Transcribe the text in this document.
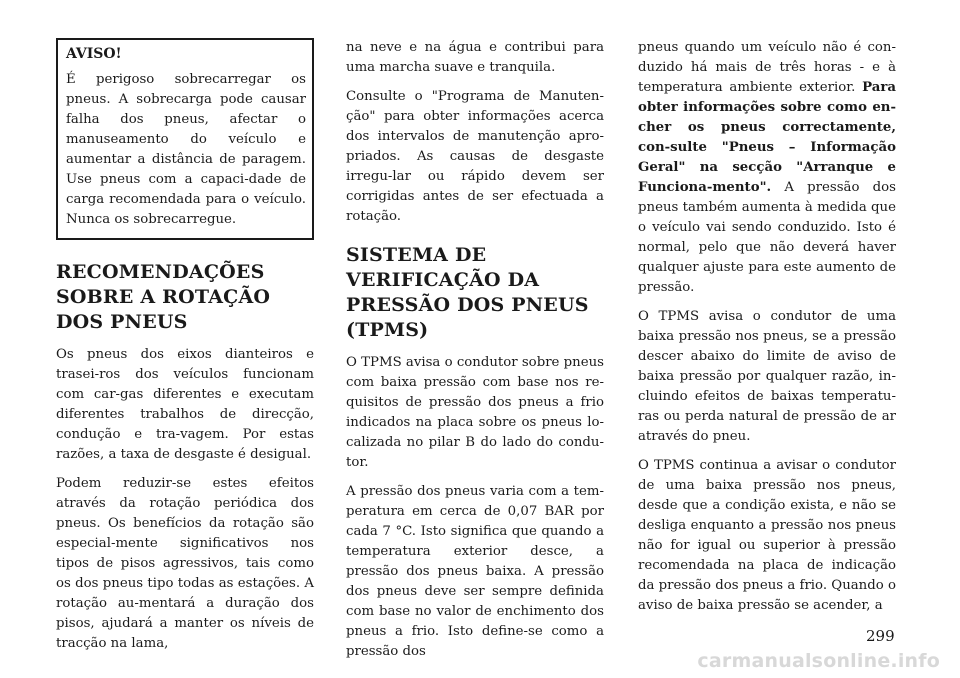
AVISO!

É perigoso sobrecarregar os pneus. A sobrecarga pode causar falha dos pneus, afectar o manuseamento do veículo e aumentar a distância de paragem. Use pneus com a capaci-dade de carga recomendada para o veículo. Nunca os sobrecarregue.

RECOMENDAÇÕES SOBRE A ROTAÇÃO DOS PNEUS

Os pneus dos eixos dianteiros e trasei-ros dos veículos funcionam com car-gas diferentes e executam diferentes trabalhos de direcção, condução e tra-vagem. Por estas razões, a taxa de desgaste é desigual.

Podem reduzir-se estes efeitos através da rotação periódica dos pneus. Os benefícios da rotação são especial-mente significativos nos tipos de pisos agressivos, tais como os dos pneus tipo todas as estações. A rotação au-mentará a duração dos pisos, ajudará a manter os níveis de tracção na lama,

na neve e na água e contribui para uma marcha suave e tranquila.

Consulte o "Programa de Manuten-ção" para obter informações acerca dos intervalos de manutenção apro-priados. As causas de desgaste irregu-lar ou rápido devem ser corrigidas antes de ser efectuada a rotação.

SISTEMA DE VERIFICAÇÃO DA PRESSÃO DOS PNEUS (TPMS)

O TPMS avisa o condutor sobre pneus com baixa pressão com base nos re-quisitos de pressão dos pneus a frio indicados na placa sobre os pneus lo-calizada no pilar B do lado do condu-tor.

A pressão dos pneus varia com a tem-peratura em cerca de 0,07 BAR por cada 7 °C. Isto significa que quando a temperatura exterior desce, a pressão dos pneus baixa. A pressão dos pneus deve ser sempre definida com base no valor de enchimento dos pneus a frio. Isto define-se como a pressão dos

pneus quando um veículo não é con-duzido há mais de três horas - e à temperatura ambiente exterior. Para obter informações sobre como en-cher os pneus correctamente, con-sulte "Pneus – Informação Geral" na secção "Arranque e Funciona-mento". A pressão dos pneus também aumenta à medida que o veículo vai sendo conduzido. Isto é normal, pelo que não deverá haver qualquer ajuste para este aumento de pressão.

O TPMS avisa o condutor de uma baixa pressão nos pneus, se a pressão descer abaixo do limite de aviso de baixa pressão por qualquer razão, in-cluindo efeitos de baixas temperatu-ras ou perda natural de pressão de ar através do pneu.

O TPMS continua a avisar o condutor de uma baixa pressão nos pneus, desde que a condição exista, e não se desliga enquanto a pressão nos pneus não for igual ou superior à pressão recomendada na placa de indicação da pressão dos pneus a frio. Quando o aviso de baixa pressão se acender, a

299
carmanualsonline.info
